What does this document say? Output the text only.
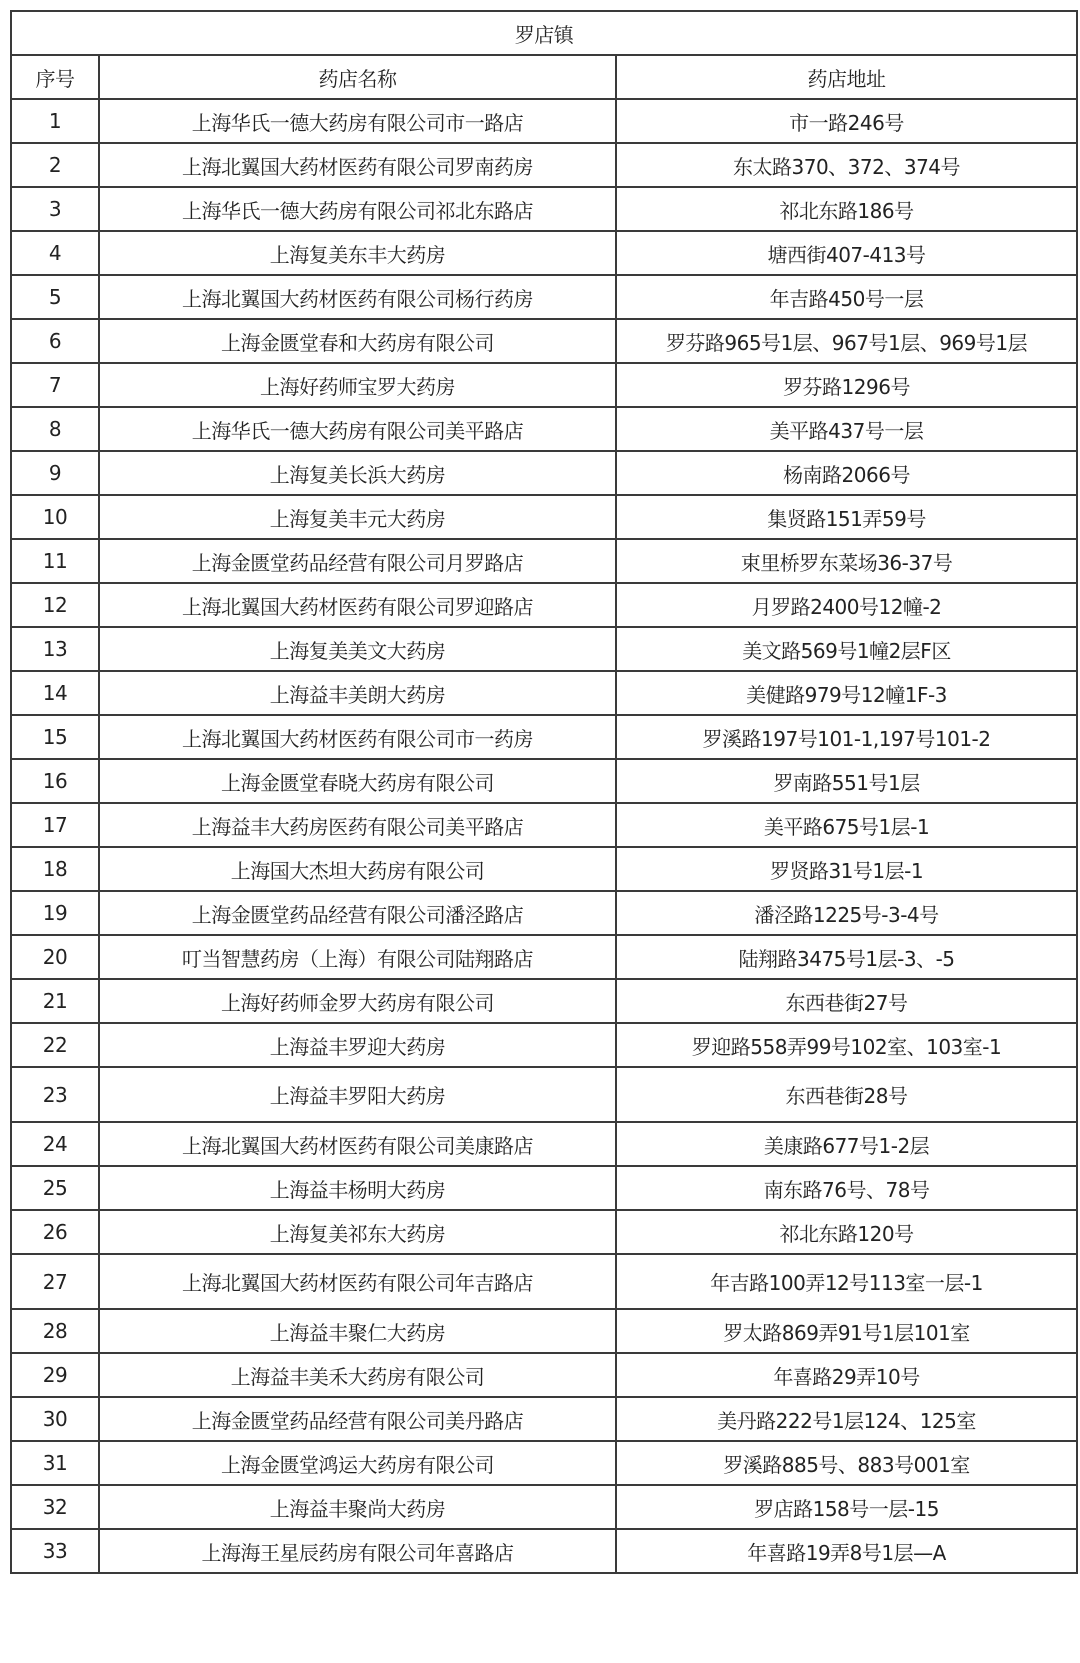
罗店镇		
序号	药店名称	药店地址
1	上海华氏一德大药房有限公司市一路店	市一路246号
2	上海北翼国大药材医药有限公司罗南药房	东太路370、372、374号
3	上海华氏一德大药房有限公司祁北东路店	祁北东路186号
4	上海复美东丰大药房	塘西街407-413号
5	上海北翼国大药材医药有限公司杨行药房	年吉路450号一层
6	上海金匮堂春和大药房有限公司	罗芬路965号1层、967号1层、969号1层
7	上海好药师宝罗大药房	罗芬路1296号
8	上海华氏一德大药房有限公司美平路店	美平路437号一层
9	上海复美长浜大药房	杨南路2066号
10	上海复美丰元大药房	集贤路151弄59号
11	上海金匮堂药品经营有限公司月罗路店	束里桥罗东菜场36-37号
12	上海北翼国大药材医药有限公司罗迎路店	月罗路2400号12幢-2
13	上海复美美文大药房	美文路569号1幢2层F区
14	上海益丰美朗大药房	美健路979号12幢1F-3
15	上海北翼国大药材医药有限公司市一药房	罗溪路197号101-1,197号101-2
16	上海金匮堂春晓大药房有限公司	罗南路551号1层
17	上海益丰大药房医药有限公司美平路店	美平路675号1层-1
18	上海国大杰坦大药房有限公司	罗贤路31号1层-1
19	上海金匮堂药品经营有限公司潘泾路店	潘泾路1225号-3-4号
20	叮当智慧药房（上海）有限公司陆翔路店	陆翔路3475号1层-3、-5
21	上海好药师金罗大药房有限公司	东西巷街27号
22	上海益丰罗迎大药房	罗迎路558弄99号102室、103室-1
23	上海益丰罗阳大药房	东西巷街28号
24	上海北翼国大药材医药有限公司美康路店	美康路677号1-2层
25	上海益丰杨明大药房	南东路76号、78号
26	上海复美祁东大药房	祁北东路120号
27	上海北翼国大药材医药有限公司年吉路店	年吉路100弄12号113室一层-1
28	上海益丰聚仁大药房	罗太路869弄91号1层101室
29	上海益丰美禾大药房有限公司	年喜路29弄10号
30	上海金匮堂药品经营有限公司美丹路店	美丹路222号1层124、125室
31	上海金匮堂鸿运大药房有限公司	罗溪路885号、883号001室
32	上海益丰聚尚大药房	罗店路158号一层-15
33	上海海王星辰药房有限公司年喜路店	年喜路19弄8号1层—A
